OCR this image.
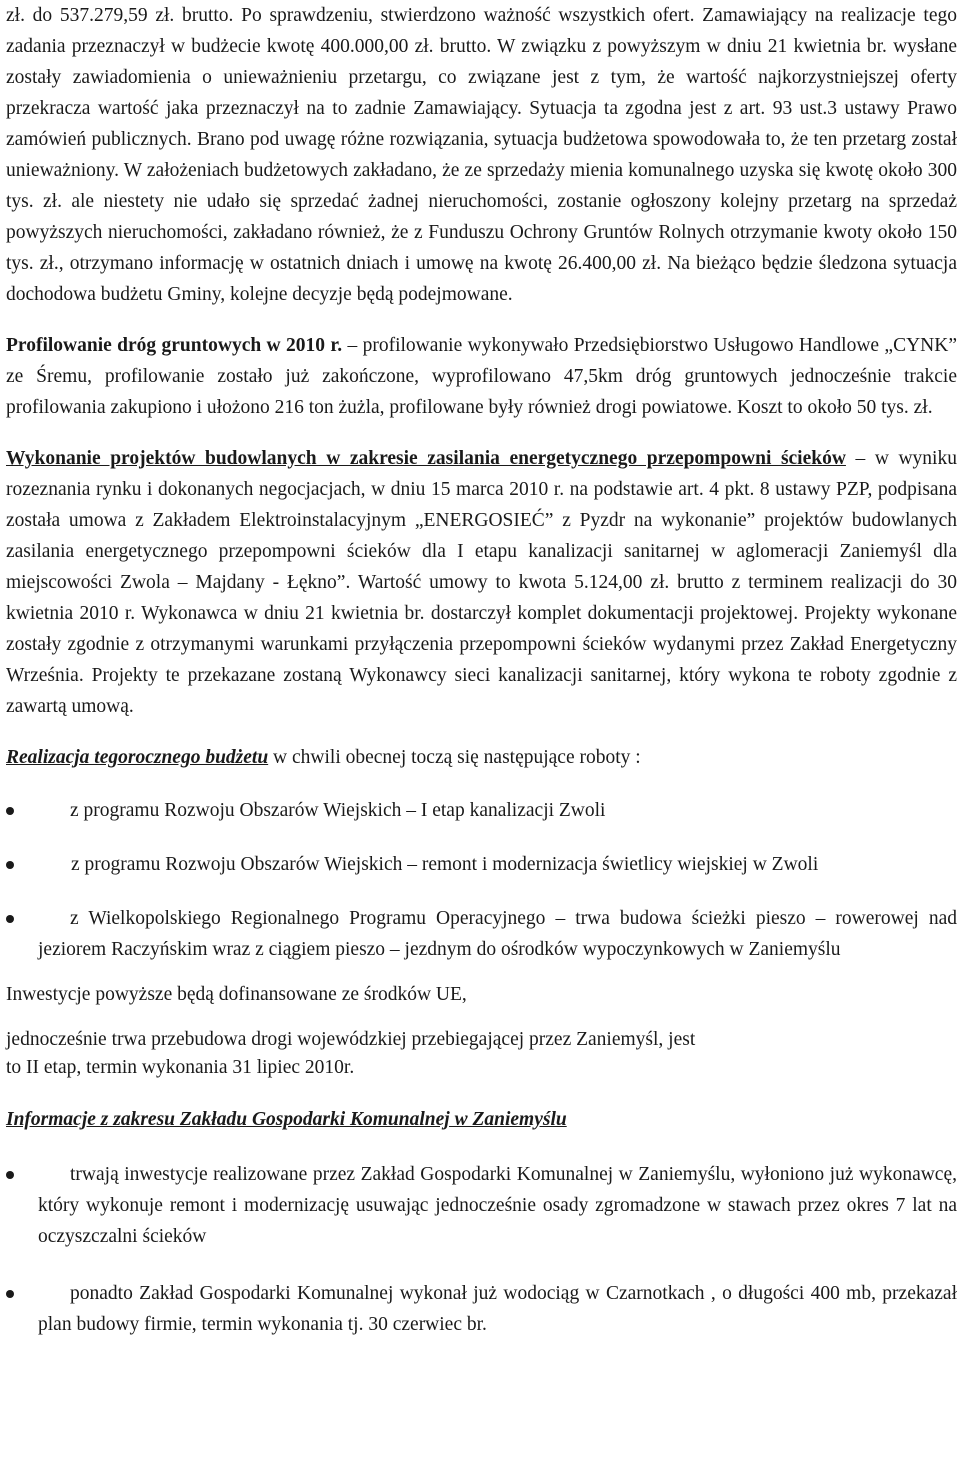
zł. do 537.279,59 zł. brutto. Po sprawdzeniu, stwierdzono ważność wszystkich ofert. Zamawiający na realizacje tego zadania przeznaczył w budżecie kwotę 400.000,00 zł. brutto. W związku z powyższym w dniu 21 kwietnia br. wysłane zostały zawiadomienia o unieważnieniu przetargu, co związane jest z tym, że wartość najkorzystniejszej oferty przekracza wartość jaka przeznaczył na to zadnie Zamawiający. Sytuacja ta zgodna jest z art. 93 ust.3 ustawy Prawo zamówień publicznych. Brano pod uwagę różne rozwiązania, sytuacja budżetowa spowodowała to, że ten przetarg został unieważniony. W założeniach budżetowych zakładano, że ze sprzedaży mienia komunalnego uzyska się kwotę około 300 tys. zł. ale niestety nie udało się sprzedać żadnej nieruchomości, zostanie ogłoszony kolejny przetarg na sprzedaż powyższych nieruchomości, zakładano również, że z Funduszu Ochrony Gruntów Rolnych otrzymanie kwoty około 150 tys. zł., otrzymano informację w ostatnich dniach i umowę na kwotę 26.400,00 zł. Na bieżąco będzie śledzona sytuacja dochodowa budżetu Gminy, kolejne decyzje będą podejmowane.

Profilowanie dróg gruntowych w 2010 r. – profilowanie wykonywało Przedsiębiorstwo Usługowo Handlowe „CYNK” ze Śremu, profilowanie zostało już zakończone, wyprofilowano 47,5km dróg gruntowych jednocześnie trakcie profilowania zakupiono i ułożono 216 ton żużla, profilowane były również drogi powiatowe. Koszt to około 50 tys. zł.

Wykonanie projektów budowlanych w zakresie zasilania energetycznego przepompowni ścieków – w wyniku rozeznania rynku i dokonanych negocjacjach, w dniu 15 marca 2010 r. na podstawie art. 4 pkt. 8 ustawy PZP, podpisana została umowa z Zakładem Elektroinstalacyjnym „ENERGOSIEĆ” z Pyzdr na wykonanie” projektów budowlanych zasilania energetycznego przepompowni ścieków dla I etapu kanalizacji sanitarnej w aglomeracji Zaniemyśl dla miejscowości Zwola – Majdany - Łękno”. Wartość umowy to kwota 5.124,00 zł. brutto z terminem realizacji do 30 kwietnia 2010 r. Wykonawca w dniu 21 kwietnia br. dostarczył komplet dokumentacji projektowej. Projekty wykonane zostały zgodnie z otrzymanymi warunkami przyłączenia przepompowni ścieków wydanymi przez Zakład Energetyczny Września. Projekty te przekazane zostaną Wykonawcy sieci kanalizacji sanitarnej, który wykona te roboty zgodnie z zawartą umową.

Realizacja tegorocznego budżetu w chwili obecnej toczą się następujące roboty :

z programu Rozwoju Obszarów Wiejskich – I etap kanalizacji Zwoli
z programu Rozwoju Obszarów Wiejskich – remont i modernizacja świetlicy wiejskiej w Zwoli
z Wielkopolskiego Regionalnego Programu Operacyjnego – trwa budowa ścieżki pieszo – rowerowej nad jeziorem Raczyńskim wraz z ciągiem pieszo – jezdnym do ośrodków wypoczynkowych w Zaniemyślu

Inwestycje powyższe będą dofinansowane ze środków UE,

jednocześnie trwa przebudowa drogi wojewódzkiej przebiegającej przez Zaniemyśl, jest
to II etap, termin wykonania 31 lipiec 2010r.

Informacje z zakresu Zakładu Gospodarki Komunalnej w Zaniemyślu

trwają inwestycje realizowane przez Zakład Gospodarki Komunalnej w Zaniemyślu, wyłoniono już wykonawcę, który wykonuje remont i modernizację usuwając jednocześnie osady zgromadzone w stawach przez okres 7 lat na oczyszczalni ścieków
ponadto Zakład Gospodarki Komunalnej wykonał już wodociąg w Czarnotkach , o długości 400 mb, przekazał plan budowy firmie, termin wykonania tj. 30 czerwiec br.
